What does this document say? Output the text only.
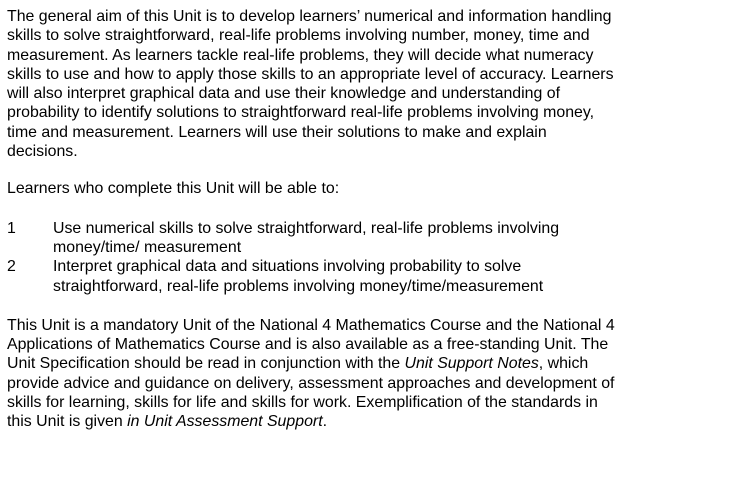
The general aim of this Unit is to develop learners’ numerical and information handling
skills to solve straightforward, real-life problems involving number, money, time and
measurement. As learners tackle real-life problems, they will decide what numeracy
skills to use and how to apply those skills to an appropriate level of accuracy. Learners
will also interpret graphical data and use their knowledge and understanding of
probability to identify solutions to straightforward real-life problems involving money,
time and measurement. Learners will use their solutions to make and explain
decisions.

Learners who complete this Unit will be able to:

1	Use numerical skills to solve straightforward, real-life problems involving
money/time/ measurement
2	Interpret graphical data and situations involving probability to solve
straightforward, real-life problems involving money/time/measurement

This Unit is a mandatory Unit of the National 4 Mathematics Course and the National 4
Applications of Mathematics Course and is also available as a free-standing Unit. The
Unit Specification should be read in conjunction with the Unit Support Notes, which
provide advice and guidance on delivery, assessment approaches and development of
skills for learning, skills for life and skills for work. Exemplification of the standards in
this Unit is given in Unit Assessment Support.
